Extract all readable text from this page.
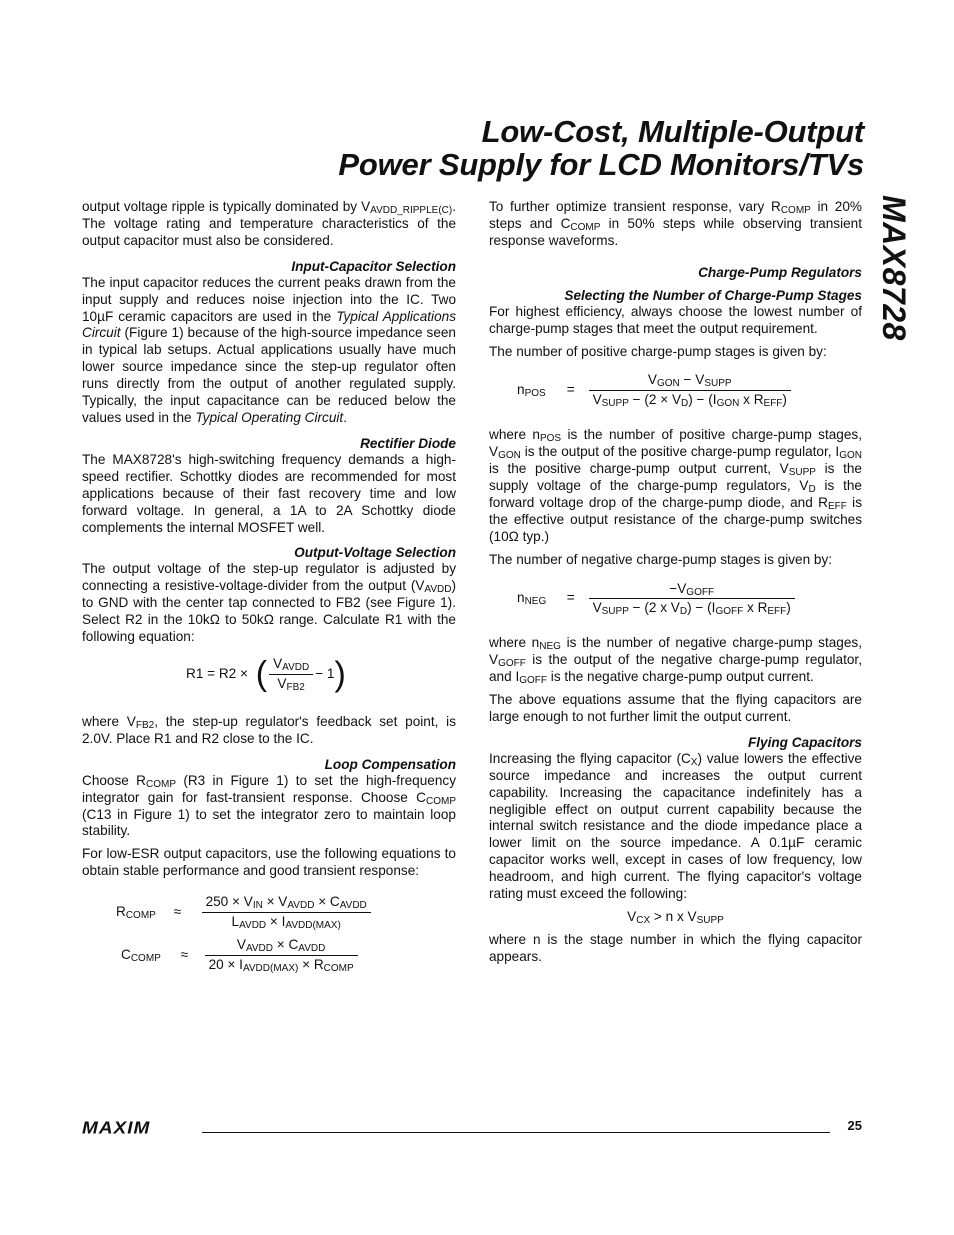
Low-Cost, Multiple-Output
Power Supply for LCD Monitors/TVs
MAX8728

output voltage ripple is typically dominated by $V_{AVDD\_RIPPLE(C)}$. The voltage rating and temperature characteristics of the output capacitor must also be considered.

Input-Capacitor Selection

The input capacitor reduces the current peaks drawn from the input supply and reduces noise injection into the IC. Two 10µF ceramic capacitors are used in the Typical Applications Circuit (Figure 1) because of the high-source impedance seen in typical lab setups. Actual applications usually have much lower source impedance since the step-up regulator often runs directly from the output of another regulated supply. Typically, the input capacitance can be reduced below the values used in the Typical Operating Circuit.

Rectifier Diode

The MAX8728's high-switching frequency demands a high-speed rectifier. Schottky diodes are recommended for most applications because of their fast recovery time and low forward voltage. In general, a 1A to 2A Schottky diode complements the internal MOSFET well.

Output-Voltage Selection

The output voltage of the step-up regulator is adjusted by connecting a resistive-voltage-divider from the output $(V_{AVDD})$ to GND with the center tap connected to FB2 (see Figure 1). Select R2 in the 10kΩ to 50kΩ range. Calculate R1 with the following equation:

R1 = R2 × ( $\frac{V_{AVDD}}{V_{FB2}} - 1$)

where $V_{FB2}$, the step-up regulator's feedback set point, is 2.0V. Place R1 and R2 close to the IC.

Loop Compensation

Choose $R_{COMP}$ (R3 in Figure 1) to set the high-frequency integrator gain for fast-transient response. Choose $C_{COMP}$ (C13 in Figure 1) to set the integrator zero to maintain loop stability.

For low-ESR output capacitors, use the following equations to obtain stable performance and good transient response:

$R_{COMP} \approx \frac{250 \times V_{IN} \times V_{AVDD} \times C_{AVDD}}{L_{AVDD} \times I_{AVDD(MAX)}}$
$C_{COMP} \approx \frac{V_{AVDD} \times C_{AVDD}}{20 \times I_{AVDD(MAX)} \times R_{COMP}}$

To further optimize transient response, vary $R_{COMP}$ in 20% steps and $C_{COMP}$ in 50% steps while observing transient response waveforms.

Charge-Pump Regulators
Selecting the Number of Charge-Pump Stages

For highest efficiency, always choose the lowest number of charge-pump stages that meet the output requirement.

The number of positive charge-pump stages is given by:

$n_{POS} = \frac{V_{GON} - V_{SUPP}}{V_{SUPP} - (2 \times V_D) - (I_{GON} x R_{EFF})}$

where $n_{POS}$ is the number of positive charge-pump stages, $V_{GON}$ is the output of the positive charge-pump regulator, $I_{GON}$ is the positive charge-pump output current, $V_{SUPP}$ is the supply voltage of the charge-pump regulators, $V_D$ is the forward voltage drop of the charge-pump diode, and $R_{EFF}$ is the effective output resistance of the charge-pump switches (10Ω typ.)

The number of negative charge-pump stages is given by:

$n_{NEG} = \frac{-V_{GOFF}}{V_{SUPP} - (2 x V_D) - (I_{GOFF} x R_{EFF})}$

where $n_{NEG}$ is the number of negative charge-pump stages, $V_{GOFF}$ is the output of the negative charge-pump regulator, and $I_{GOFF}$ is the negative charge-pump output current.

The above equations assume that the flying capacitors are large enough to not further limit the output current.

Flying Capacitors

Increasing the flying capacitor $(C_X)$ value lowers the effective source impedance and increases the output current capability. Increasing the capacitance indefinitely has a negligible effect on output current capability because the internal switch resistance and the diode impedance place a lower limit on the source impedance. A 0.1µF ceramic capacitor works well, except in cases of low frequency, low headroom, and high current. The flying capacitor's voltage rating must exceed the following:

$V_{CX} > n$ x $V_{SUPP}$

where n is the stage number in which the flying capacitor appears.

MAXIM	25
